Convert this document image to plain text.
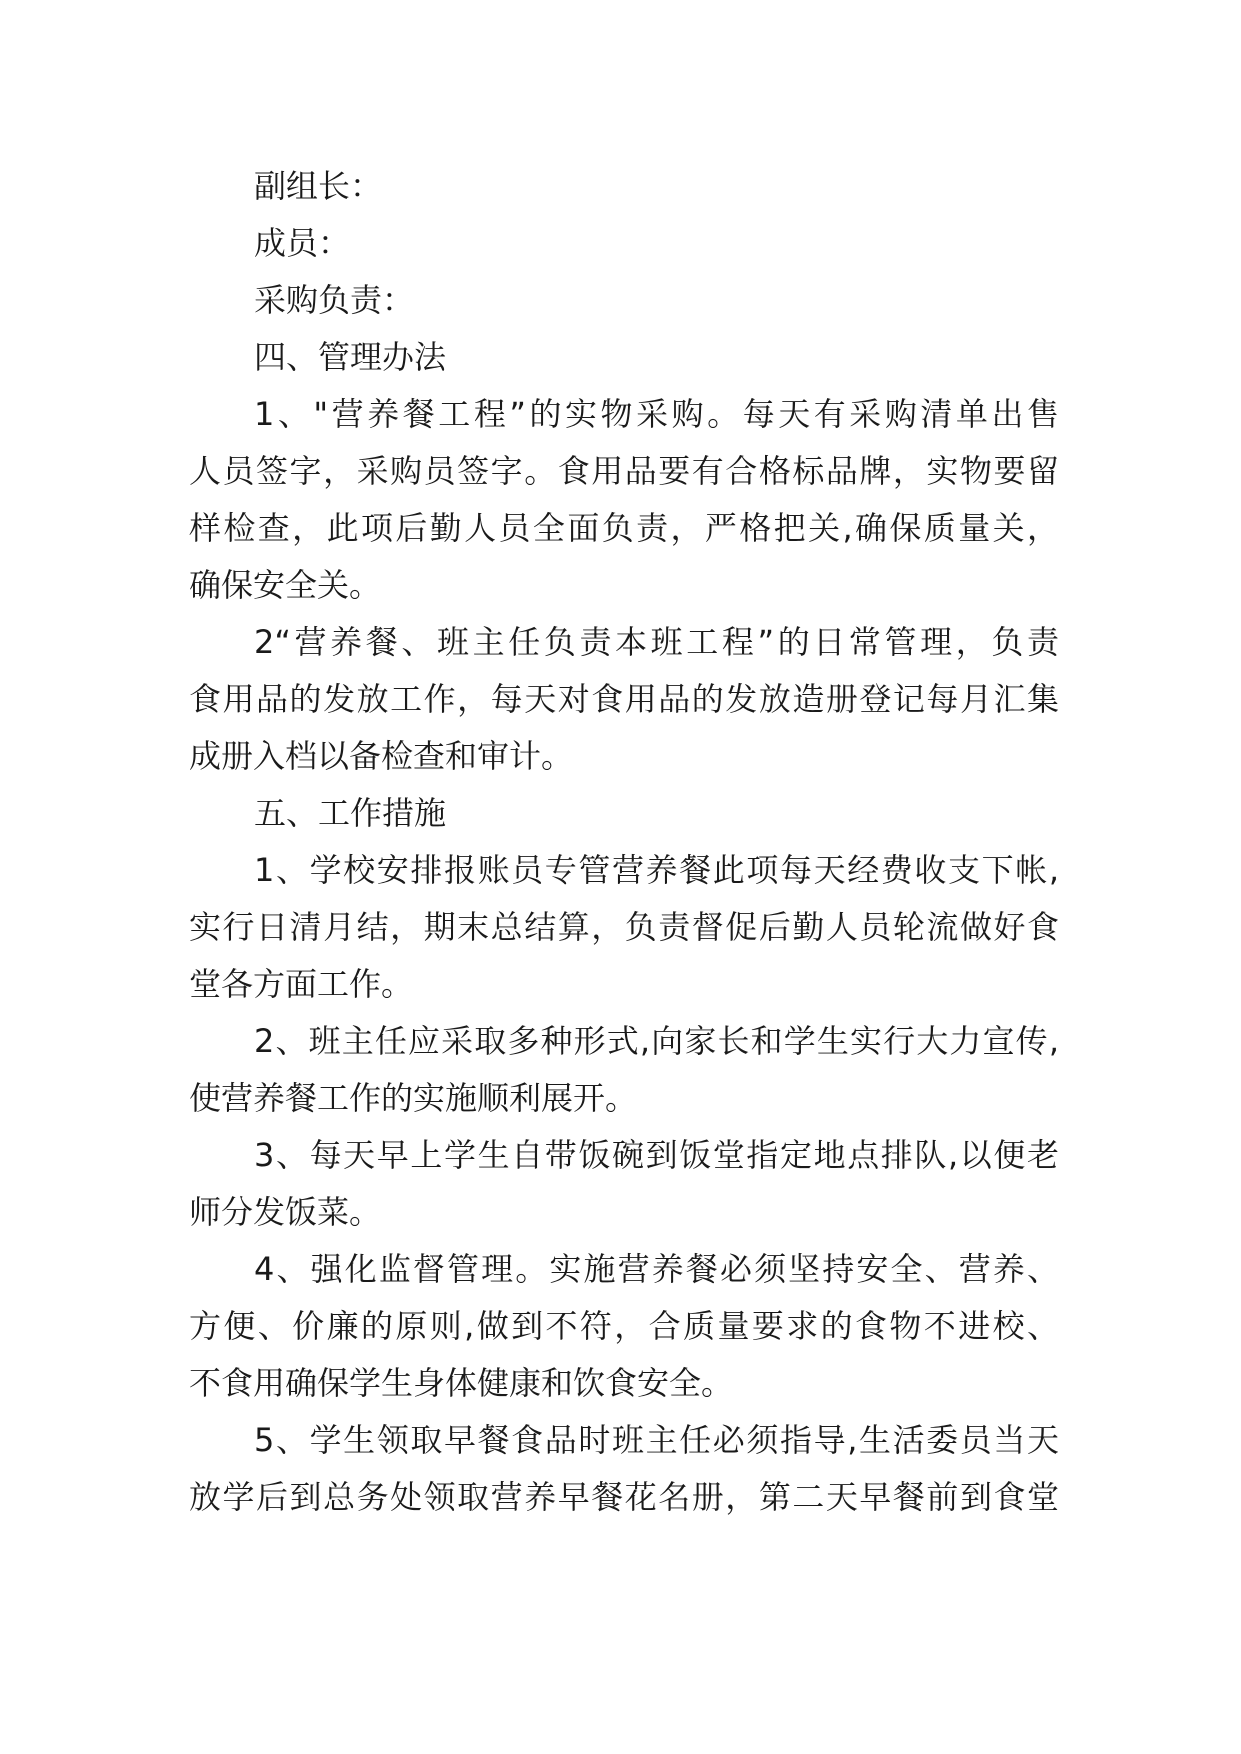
副组长：
成员：
采购负责：
四、管理办法
1、"营养餐工程”的实物采购。每天有采购清单出售
人员签字，采购员签字。食用品要有合格标品牌，实物要留
样检查，此项后勤人员全面负责，严格把关,确保质量关，
确保安全关。
2“营养餐、班主任负责本班工程”的日常管理，负责
食用品的发放工作，每天对食用品的发放造册登记每月汇集
成册入档以备检查和审计。
五、工作措施
1、学校安排报账员专管营养餐此项每天经费收支下帐,
实行日清月结，期末总结算，负责督促后勤人员轮流做好食
堂各方面工作。
2、班主任应采取多种形式,向家长和学生实行大力宣传,
使营养餐工作的实施顺利展开。
3、每天早上学生自带饭碗到饭堂指定地点排队,以便老
师分发饭菜。
4、强化监督管理。实施营养餐必须坚持安全、营养、
方便、价廉的原则,做到不符，合质量要求的食物不进校、
不食用确保学生身体健康和饮食安全。
5、学生领取早餐食品时班主任必须指导,生活委员当天
放学后到总务处领取营养早餐花名册，第二天早餐前到食堂
